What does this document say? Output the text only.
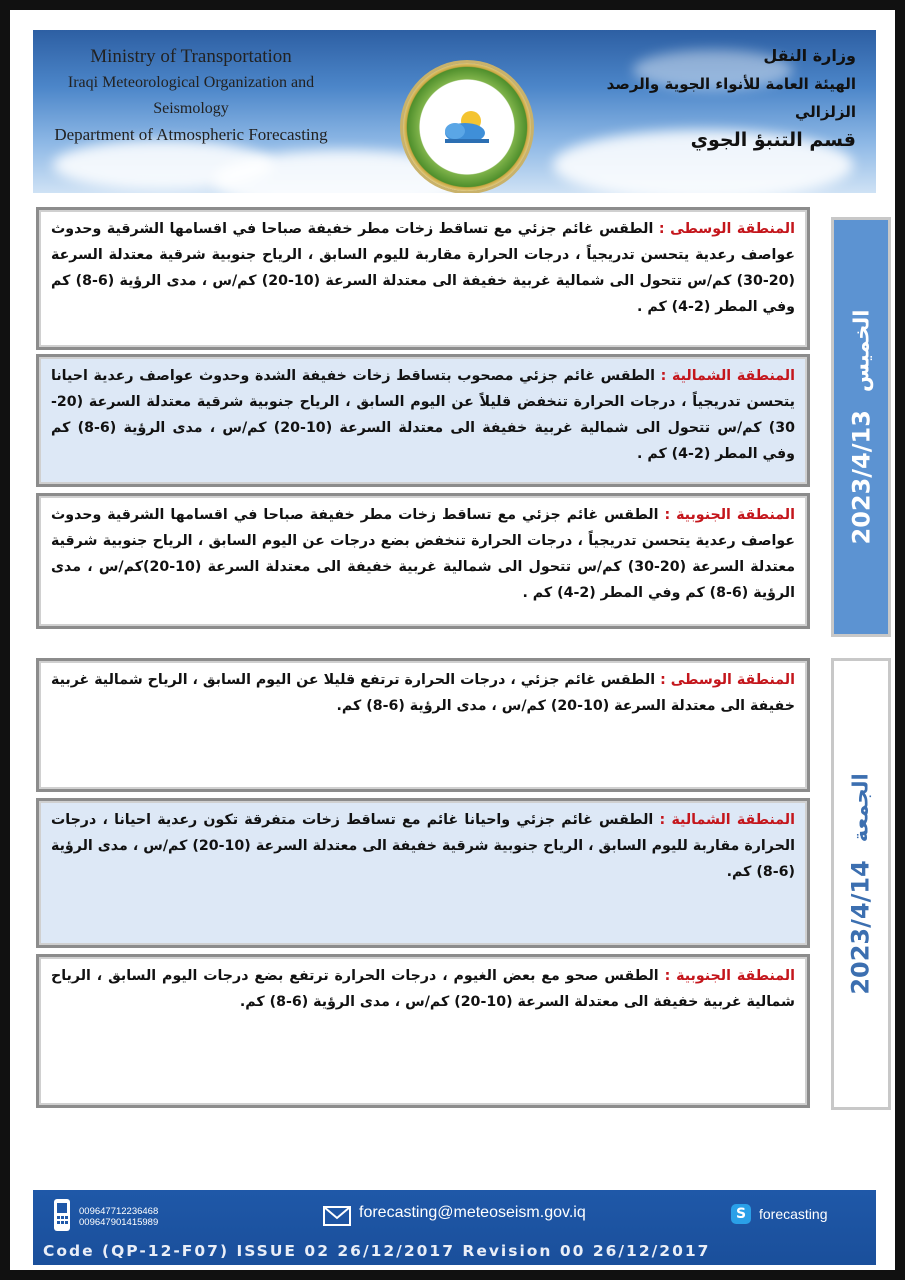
Ministry of Transportation
Iraqi Meteorological Organization and Seismology
Department of Atmospheric Forecasting
وزارة النقل
الهيئة العامة للأنواء الجوية والرصد الزلزالي
قسم التنبؤ الجوي
المنطقة الوسطى : الطقس غائم جزئي مع تساقط زخات مطر خفيفة صباحا في اقسامها الشرقية وحدوث عواصف رعدية يتحسن تدريجياً ، درجات الحرارة مقاربة لليوم السابق ، الرياح جنوبية شرقية معتدلة السرعة (20-30) كم/س تتحول الى شمالية غربية خفيفة الى معتدلة السرعة (10-20) كم/س ، مدى الرؤية (6-8) كم وفي المطر (2-4) كم .
المنطقة الشمالية : الطقس غائم جزئي مصحوب بتساقط زخات خفيفة الشدة وحدوث عواصف رعدية احيانا يتحسن تدريجياً ، درجات الحرارة تنخفض قليلاً عن اليوم السابق ، الرياح جنوبية شرقية معتدلة السرعة (20-30) كم/س تتحول الى شمالية غربية خفيفة الى معتدلة السرعة (10-20) كم/س ، مدى الرؤية (6-8) كم وفي المطر (2-4) كم .
المنطقة الجنوبية : الطقس غائم جزئي مع تساقط زخات مطر خفيفة صباحا في اقسامها الشرقية وحدوث عواصف رعدية يتحسن تدريجياً ، درجات الحرارة تنخفض بضع درجات عن اليوم السابق ، الرياح جنوبية شرقية معتدلة السرعة (20-30) كم/س تتحول الى شمالية غربية خفيفة الى معتدلة السرعة (10-20)كم/س ، مدى الرؤية (6-8) كم وفي المطر (2-4) كم .
2023/4/13
الخميس
المنطقة الوسطى : الطقس غائم جزئي ، درجات الحرارة ترتفع قليلا عن اليوم السابق ، الرياح شمالية غربية خفيفة الى معتدلة السرعة (10-20) كم/س ، مدى الرؤية (6-8) كم.
المنطقة الشمالية : الطقس غائم جزئي واحيانا غائم مع تساقط زخات متفرقة تكون رعدية احيانا ، درجات الحرارة مقاربة لليوم السابق ، الرياح جنوبية شرقية خفيفة الى معتدلة السرعة (10-20) كم/س ، مدى الرؤية (6-8) كم.
المنطقة الجنوبية : الطقس صحو مع بعض الغيوم ، درجات الحرارة ترتفع بضع درجات اليوم السابق ، الرياح شمالية غربية خفيفة الى معتدلة السرعة (10-20) كم/س ، مدى الرؤية (6-8) كم.
2023/4/14
الجمعة
009647712236468
009647901415989
forecasting@meteoseism.gov.iq	S forecasting
Code (QP-12-F07) ISSUE 02 26/12/2017 Revision 00 26/12/2017
